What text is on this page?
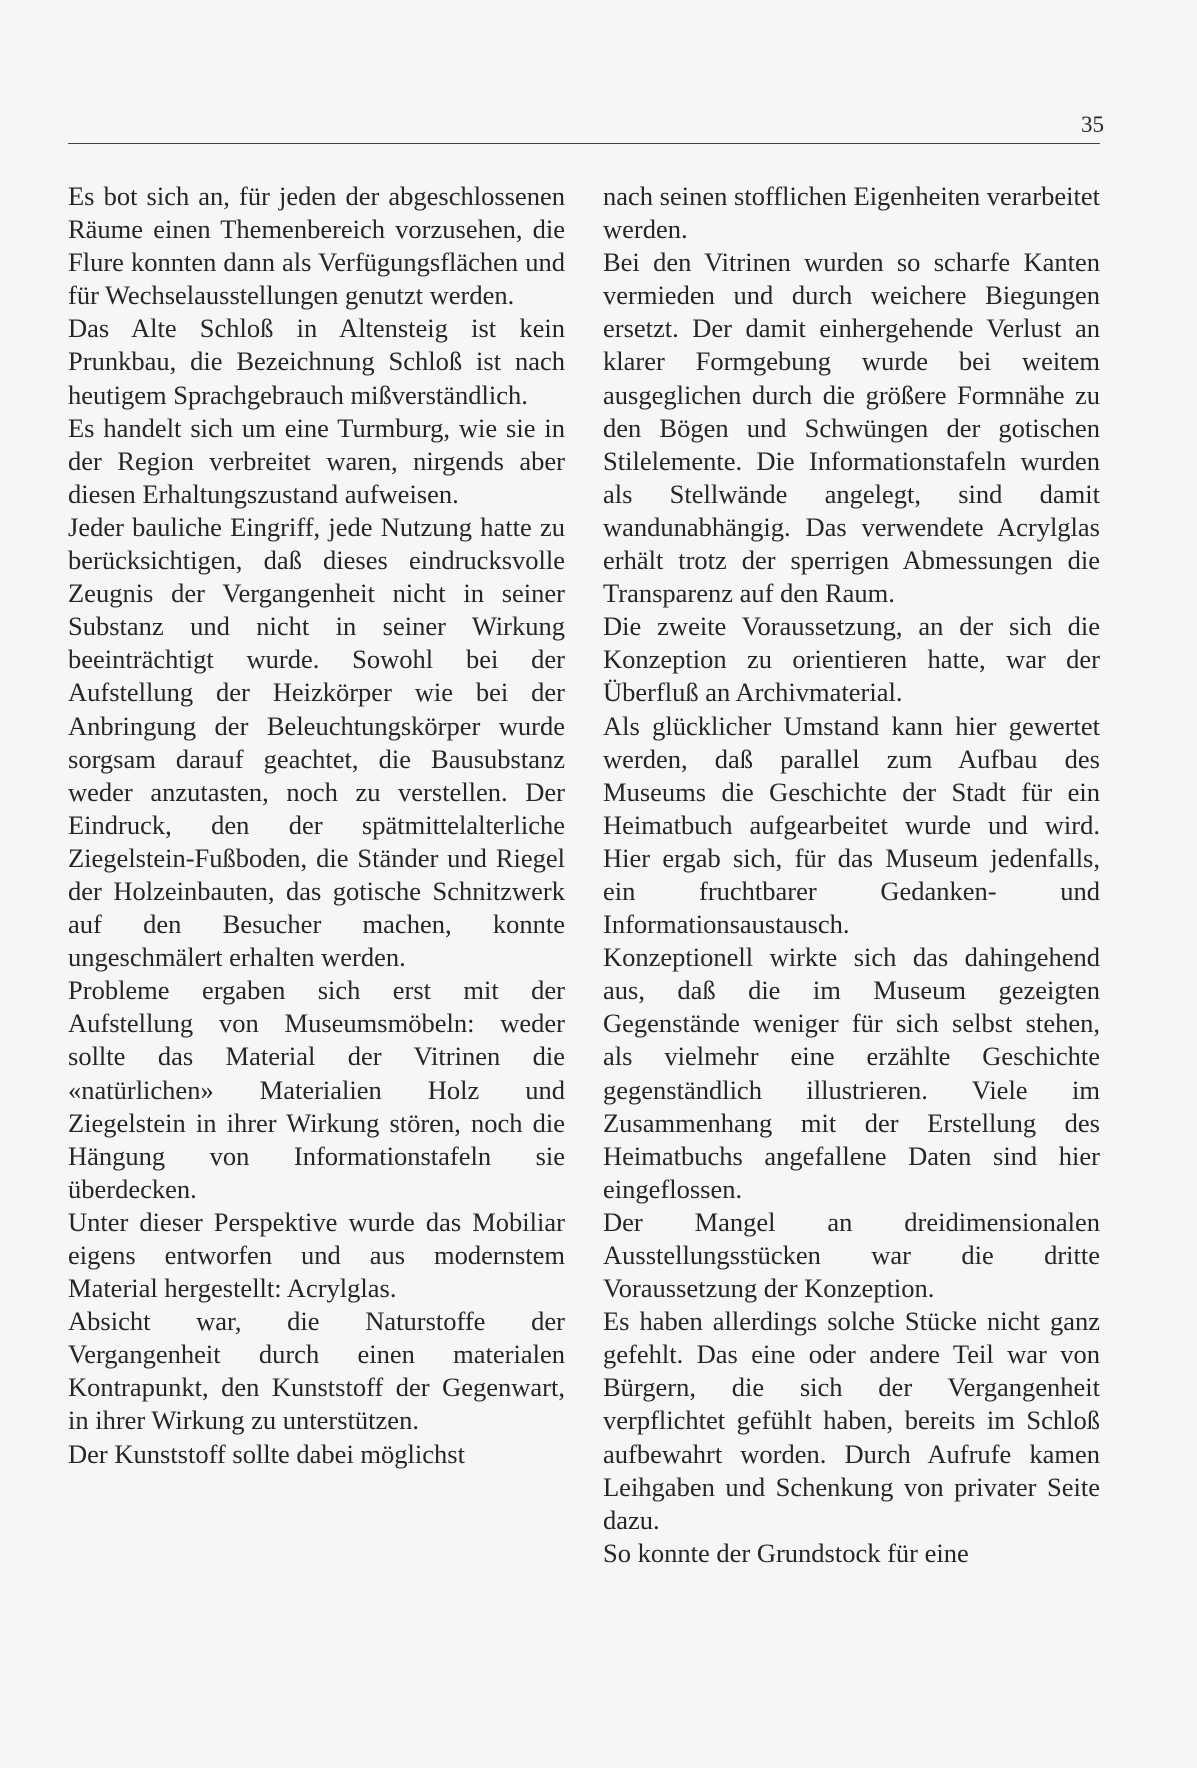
35

Es bot sich an, für jeden der abgeschlossenen Räume einen Themenbereich vorzusehen, die Flure konnten dann als Verfügungsflächen und für Wechselausstellungen genutzt werden.

Das Alte Schloß in Altensteig ist kein Prunkbau, die Bezeichnung Schloß ist nach heutigem Sprachgebrauch mißverständlich.

Es handelt sich um eine Turmburg, wie sie in der Region verbreitet waren, nirgends aber diesen Erhaltungszustand aufweisen.

Jeder bauliche Eingriff, jede Nutzung hatte zu berücksichtigen, daß dieses eindrucksvolle Zeugnis der Vergangenheit nicht in seiner Substanz und nicht in seiner Wirkung beeinträchtigt wurde. Sowohl bei der Aufstellung der Heizkörper wie bei der Anbringung der Beleuchtungskörper wurde sorgsam darauf geachtet, die Bausubstanz weder anzutasten, noch zu verstellen. Der Eindruck, den der spätmittelalterliche Ziegelstein-Fußboden, die Ständer und Riegel der Holzeinbauten, das gotische Schnitzwerk auf den Besucher machen, konnte ungeschmälert erhalten werden.

Probleme ergaben sich erst mit der Aufstellung von Museumsmöbeln: weder sollte das Material der Vitrinen die «natürlichen» Materialien Holz und Ziegelstein in ihrer Wirkung stören, noch die Hängung von Informationstafeln sie überdecken.

Unter dieser Perspektive wurde das Mobiliar eigens entworfen und aus modernstem Material hergestellt: Acrylglas.

Absicht war, die Naturstoffe der Vergangenheit durch einen materialen Kontrapunkt, den Kunststoff der Gegenwart, in ihrer Wirkung zu unterstützen.

Der Kunststoff sollte dabei möglichst

nach seinen stofflichen Eigenheiten verarbeitet werden.

Bei den Vitrinen wurden so scharfe Kanten vermieden und durch weichere Biegungen ersetzt. Der damit einhergehende Verlust an klarer Formgebung wurde bei weitem ausgeglichen durch die größere Formnähe zu den Bögen und Schwüngen der gotischen Stilelemente. Die Informationstafeln wurden als Stellwände angelegt, sind damit wandunabhängig. Das verwendete Acrylglas erhält trotz der sperrigen Abmessungen die Transparenz auf den Raum.

Die zweite Voraussetzung, an der sich die Konzeption zu orientieren hatte, war der Überfluß an Archivmaterial.

Als glücklicher Umstand kann hier gewertet werden, daß parallel zum Aufbau des Museums die Geschichte der Stadt für ein Heimatbuch aufgearbeitet wurde und wird. Hier ergab sich, für das Museum jedenfalls, ein fruchtbarer Gedanken- und Informationsaustausch.

Konzeptionell wirkte sich das dahingehend aus, daß die im Museum gezeigten Gegenstände weniger für sich selbst stehen, als vielmehr eine erzählte Geschichte gegenständlich illustrieren. Viele im Zusammenhang mit der Erstellung des Heimatbuchs angefallene Daten sind hier eingeflossen.

Der Mangel an dreidimensionalen Ausstellungsstücken war die dritte Voraussetzung der Konzeption.

Es haben allerdings solche Stücke nicht ganz gefehlt. Das eine oder andere Teil war von Bürgern, die sich der Vergangenheit verpflichtet gefühlt haben, bereits im Schloß aufbewahrt worden. Durch Aufrufe kamen Leihgaben und Schenkung von privater Seite dazu.

So konnte der Grundstock für eine
